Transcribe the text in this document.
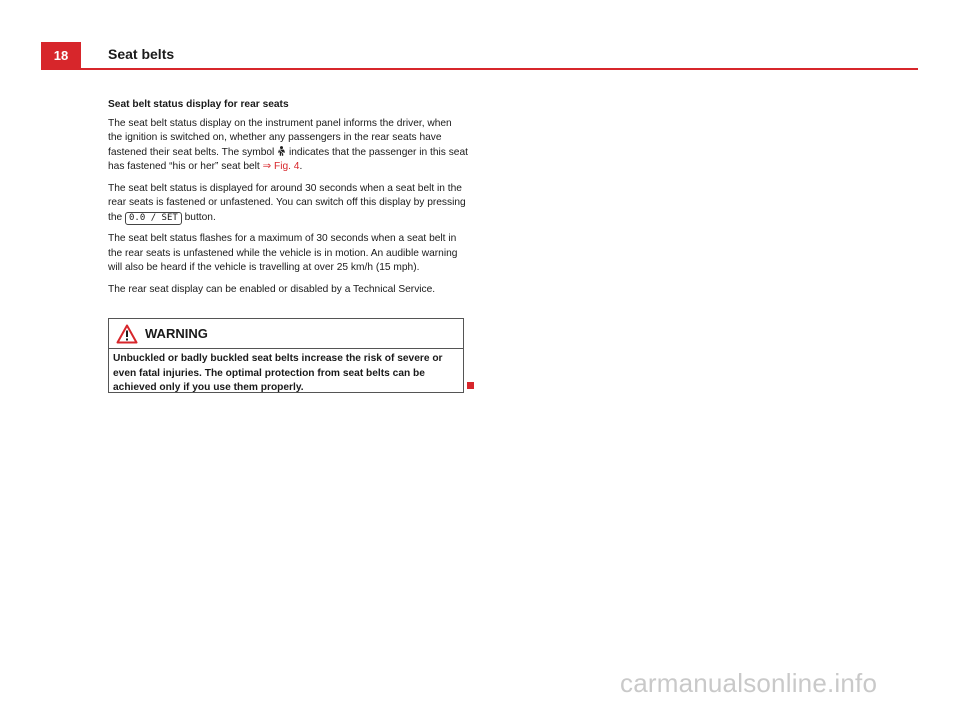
18	Seat belts
Seat belt status display for rear seats

The seat belt status display on the instrument panel informs the driver, when the ignition is switched on, whether any passengers in the rear seats have fastened their seat belts. The symbol indicates that the passenger in this seat has fastened “his or her” seat belt ⇒ Fig. 4.

The seat belt status is displayed for around 30 seconds when a seat belt in the rear seats is fastened or unfastened. You can switch off this display by pressing the 0.0 / SET button.

The seat belt status flashes for a maximum of 30 seconds when a seat belt in the rear seats is unfastened while the vehicle is in motion. An audible warning will also be heard if the vehicle is travelling at over 25 km/h (15 mph).

The rear seat display can be enabled or disabled by a Technical Service.

WARNING
Unbuckled or badly buckled seat belts increase the risk of severe or even fatal injuries. The optimal protection from seat belts can be achieved only if you use them properly.
carmanualsonline.info
